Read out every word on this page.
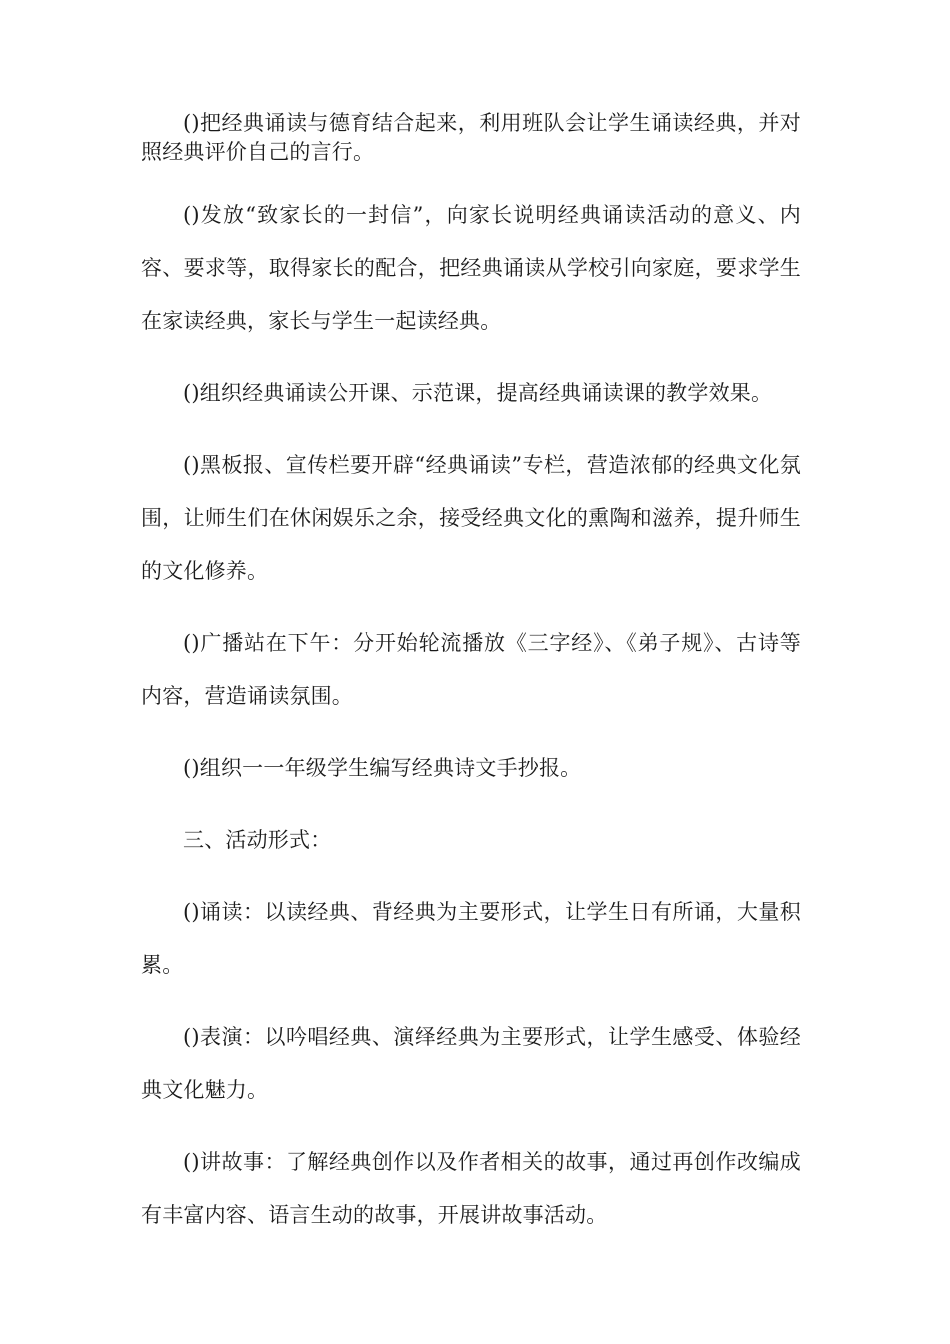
()把经典诵读与德育结合起来，利用班队会让学生诵读经典，并对照经典评价自己的言行。

()发放“致家长的一封信”，向家长说明经典诵读活动的意义、内容、要求等，取得家长的配合，把经典诵读从学校引向家庭，要求学生在家读经典，家长与学生一起读经典。

()组织经典诵读公开课、示范课，提高经典诵读课的教学效果。

()黑板报、宣传栏要开辟“经典诵读”专栏，营造浓郁的经典文化氛围，让师生们在休闲娱乐之余，接受经典文化的熏陶和滋养，提升师生的文化修养。

()广播站在下午：分开始轮流播放《三字经》、《弟子规》、古诗等内容，营造诵读氛围。

()组织一一年级学生编写经典诗文手抄报。

三、活动形式：

()诵读：以读经典、背经典为主要形式，让学生日有所诵，大量积累。

()表演：以吟唱经典、演绎经典为主要形式，让学生感受、体验经典文化魅力。

()讲故事：了解经典创作以及作者相关的故事，通过再创作改编成有丰富内容、语言生动的故事，开展讲故事活动。
